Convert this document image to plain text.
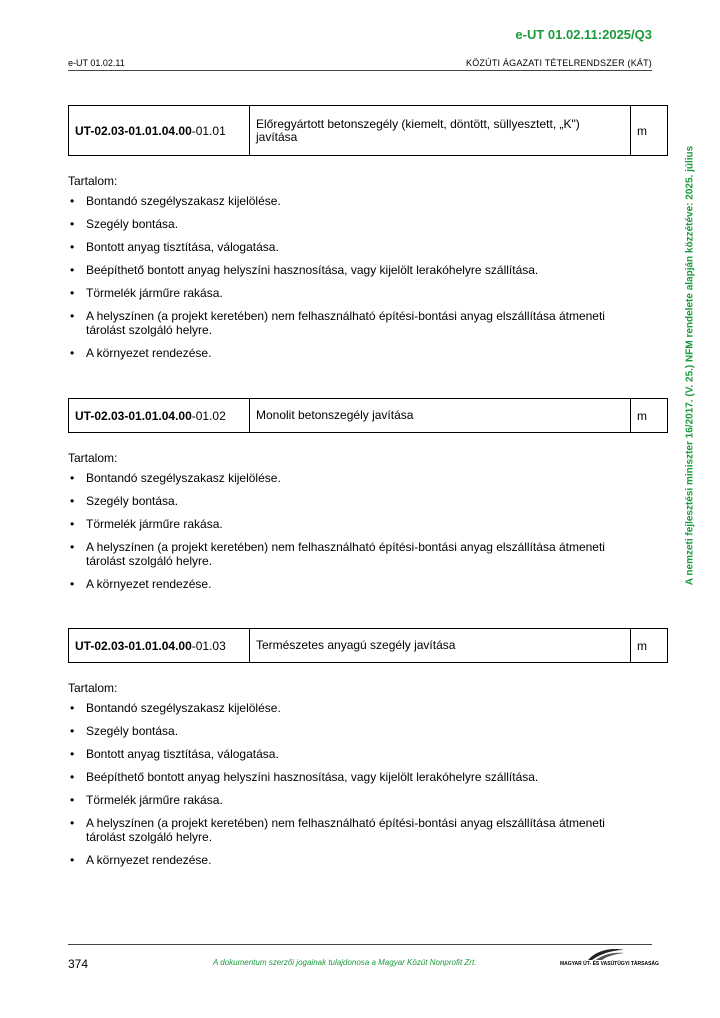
e-UT 01.02.11:2025/Q3
e-UT 01.02.11	KÖZÚTI ÁGAZATI TÉTELRENDSZER (KÁT)
A nemzeti fejlesztési miniszter 16/2017. (V. 25.) NFM rendelete alapján közzétéve: 2025. július
UT-02.03-01.01.04.00-01.01	Előregyártott betonszegély (kiemelt, döntött, süllyesztett, „K") javítása	m
Tartalom:
• Bontandó szegélyszakasz kijelölése.
• Szegély bontása.
• Bontott anyag tisztítása, válogatása.
• Beépíthető bontott anyag helyszíni hasznosítása, vagy kijelölt lerakóhelyre szállítása.
• Törmelék járműre rakása.
• A helyszínen (a projekt keretében) nem felhasználható építési-bontási anyag elszállítása átmeneti tárolást szolgáló helyre.
• A környezet rendezése.
UT-02.03-01.01.04.00-01.02	Monolit betonszegély javítása	m
Tartalom:
• Bontandó szegélyszakasz kijelölése.
• Szegély bontása.
• Törmelék járműre rakása.
• A helyszínen (a projekt keretében) nem felhasználható építési-bontási anyag elszállítása átmeneti tárolást szolgáló helyre.
• A környezet rendezése.
UT-02.03-01.01.04.00-01.03	Természetes anyagú szegély javítása	m
Tartalom:
• Bontandó szegélyszakasz kijelölése.
• Szegély bontása.
• Bontott anyag tisztítása, válogatása.
• Beépíthető bontott anyag helyszíni hasznosítása, vagy kijelölt lerakóhelyre szállítása.
• Törmelék járműre rakása.
• A helyszínen (a projekt keretében) nem felhasználható építési-bontási anyag elszállítása átmeneti tárolást szolgáló helyre.
• A környezet rendezése.
374	A dokumentum szerzői jogainak tulajdonosa a Magyar Közút Nonprofit Zrt.	MAGYAR ÚT- ÉS VASÚTÜGYI TÁRSASÁG
